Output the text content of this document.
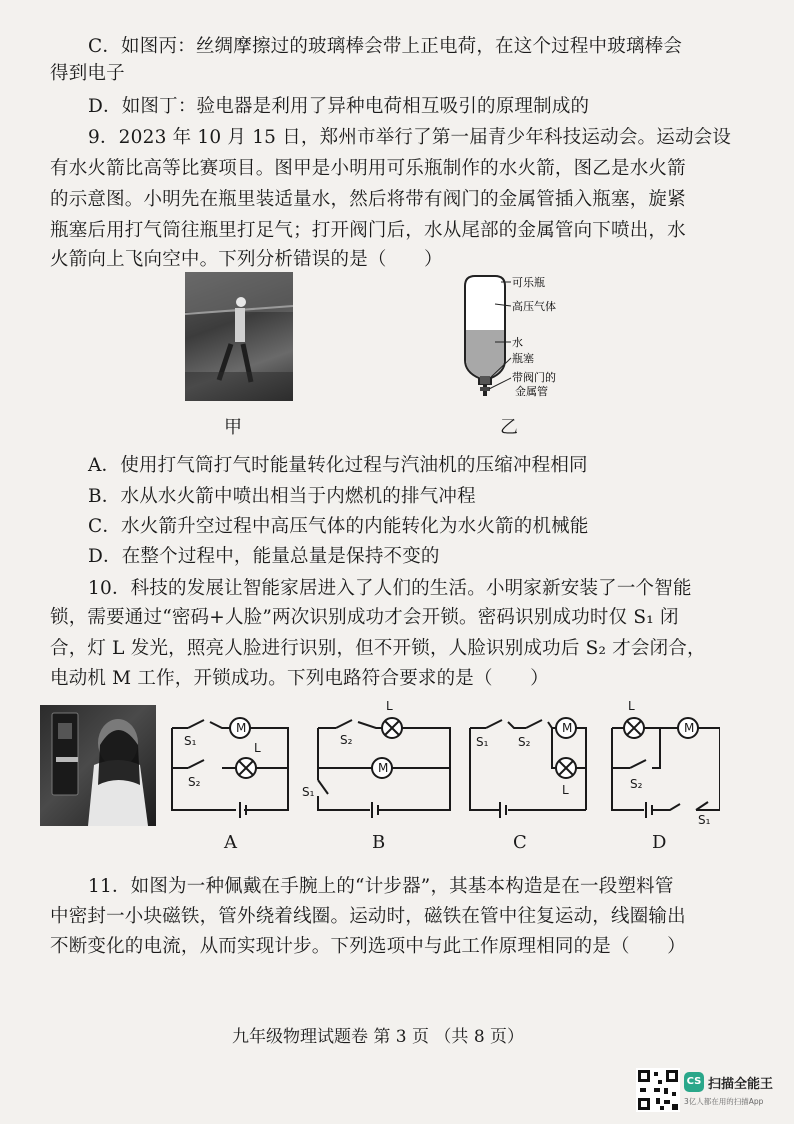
C．如图丙：丝绸摩擦过的玻璃棒会带上正电荷，在这个过程中玻璃棒会
得到电子
D．如图丁：验电器是利用了异种电荷相互吸引的原理制成的
9．2023 年 10 月 15 日，郑州市举行了第一届青少年科技运动会。运动会设
有水火箭比高等比赛项目。图甲是小明用可乐瓶制作的水火箭，图乙是水火箭
的示意图。小明先在瓶里装适量水，然后将带有阀门的金属管插入瓶塞，旋紧
瓶塞后用打气筒往瓶里打足气；打开阀门后，水从尾部的金属管向下喷出，水
火箭向上飞向空中。下列分析错误的是（　　）
甲
可乐瓶
高压气体
水
瓶塞
带阀门的
金属管
乙
A．使用打气筒打气时能量转化过程与汽油机的压缩冲程相同
B．水从水火箭中喷出相当于内燃机的排气冲程
C．水火箭升空过程中高压气体的内能转化为水火箭的机械能
D．在整个过程中，能量总量是保持不变的
10．科技的发展让智能家居进入了人们的生活。小明家新安装了一个智能
锁，需要通过“密码+人脸”两次识别成功才会开锁。密码识别成功时仅 S₁ 闭
合，灯 L 发光，照亮人脸进行识别，但不开锁，人脸识别成功后 S₂ 才会闭合，
电动机 M 工作，开锁成功。下列电路符合要求的是（　　）
M
L
S₁
S₂
L
M
S₂
S₁
M
L
S₁ S₂
L
M
S₂
S₁
A	B	C	D
11．如图为一种佩戴在手腕上的“计步器”，其基本构造是在一段塑料管
中密封一小块磁铁，管外绕着线圈。运动时，磁铁在管中往复运动，线圈输出
不断变化的电流，从而实现计步。下列选项中与此工作原理相同的是（　　）
九年级物理试题卷 第 3 页 （共 8 页）
CS 扫描全能王
3亿人都在用的扫描App
